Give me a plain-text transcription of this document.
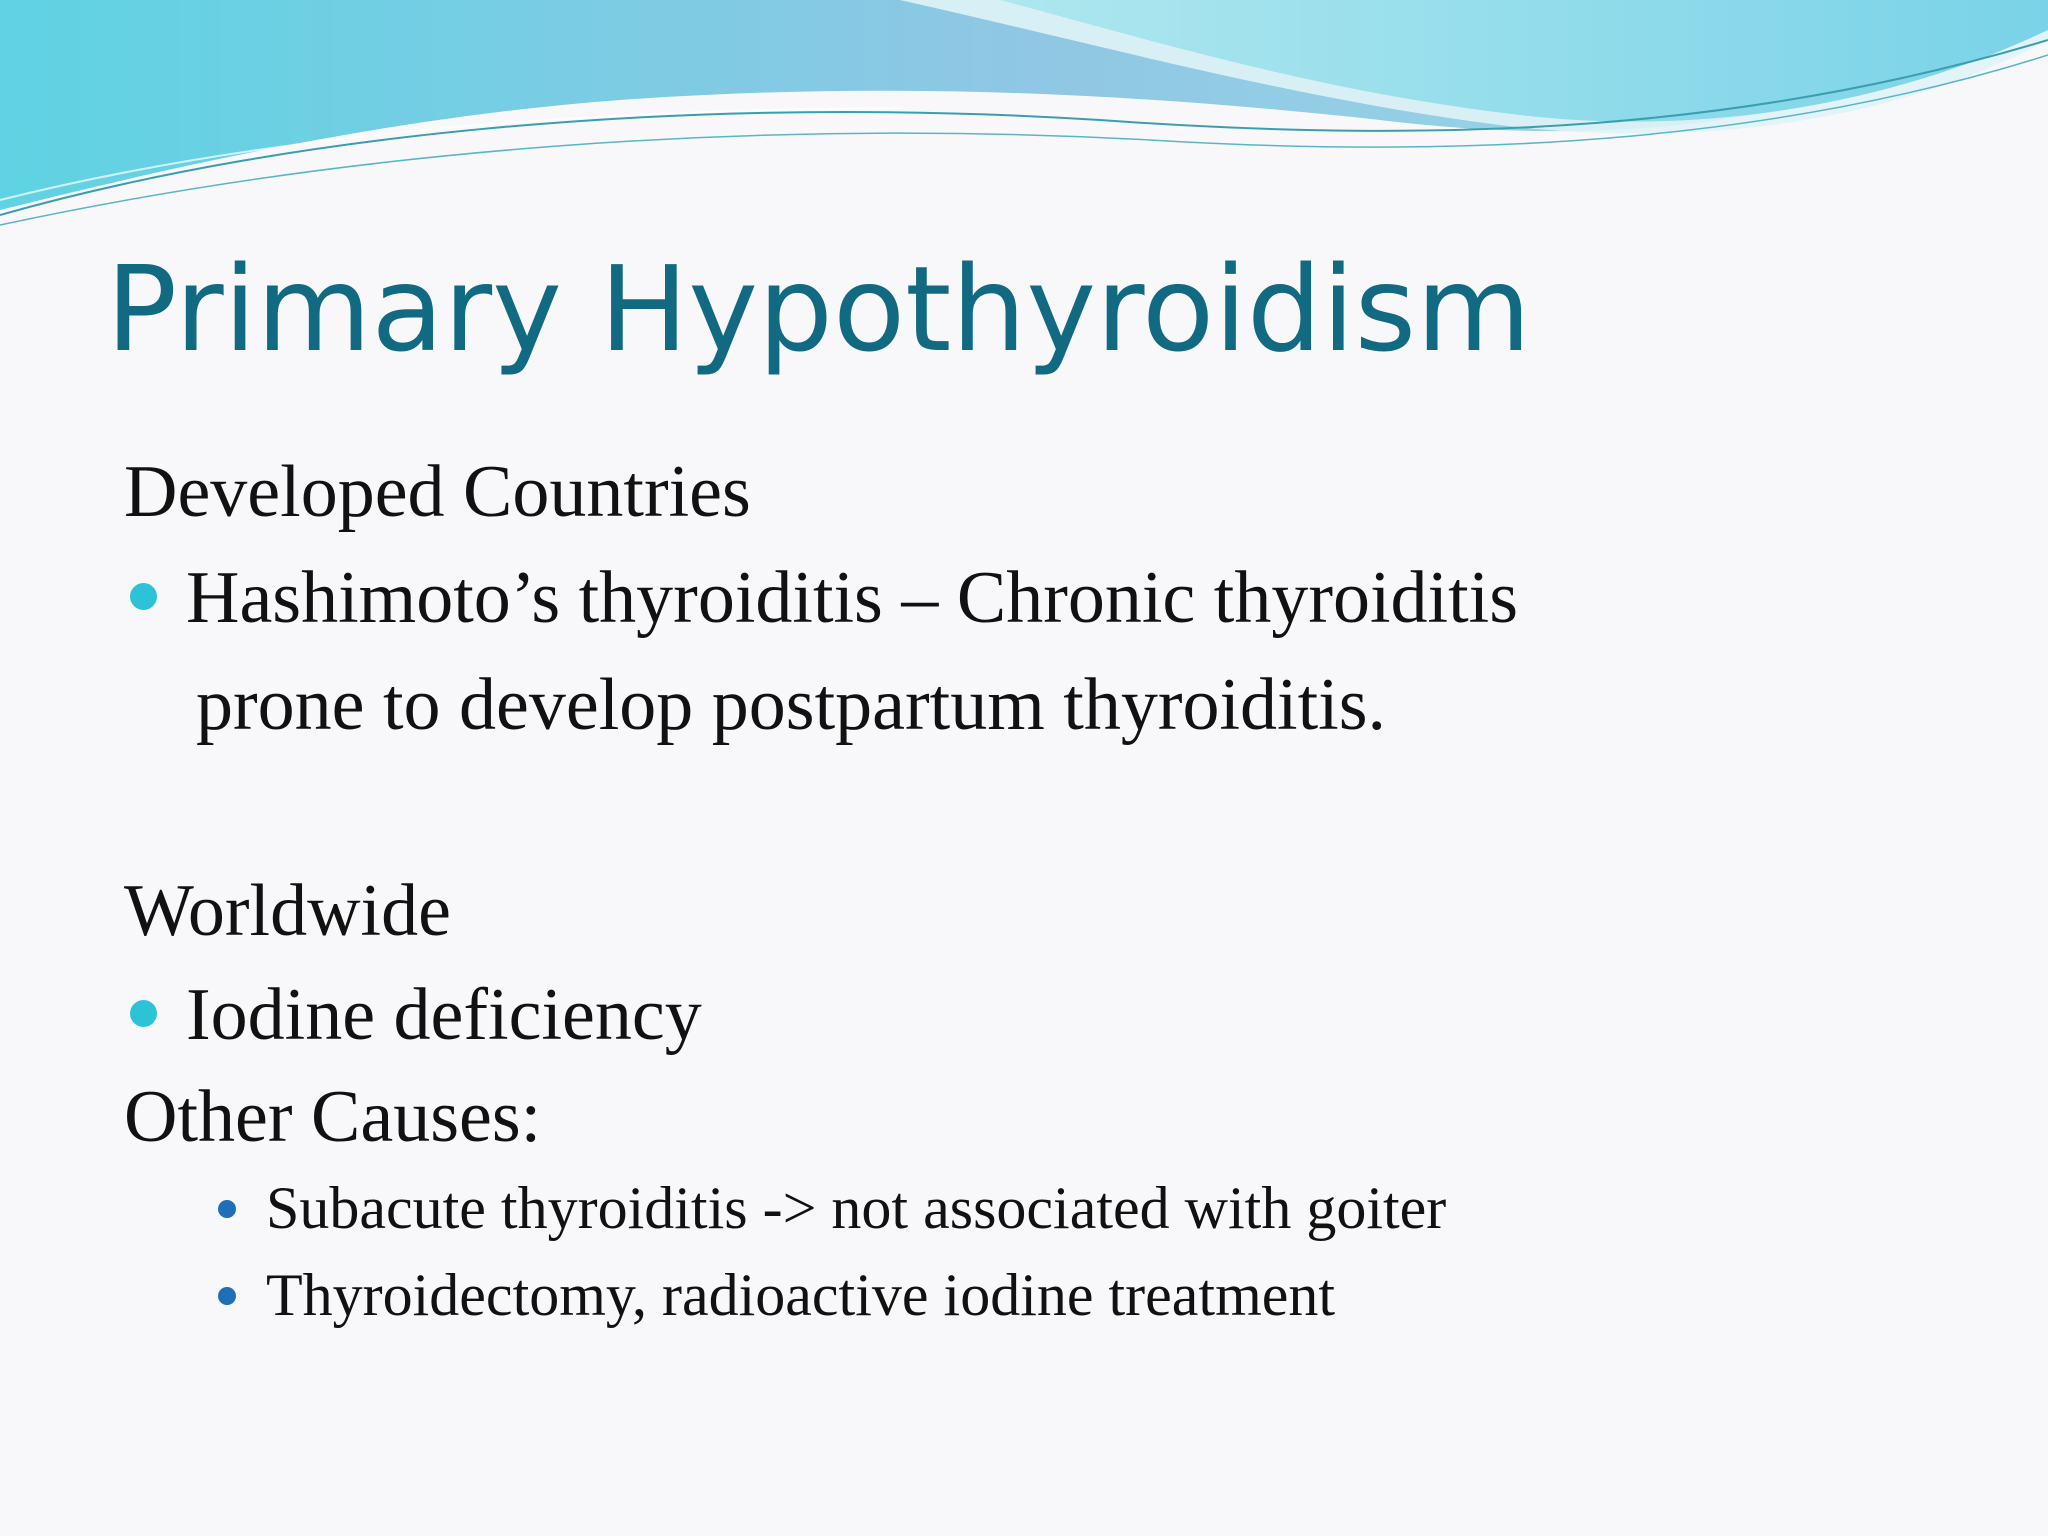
Primary Hypothyroidism
Developed Countries
Hashimoto’s thyroiditis – Chronic thyroiditis
prone to develop postpartum thyroiditis.
Worldwide
Iodine deficiency
Other Causes:
Subacute thyroiditis -> not associated with goiter
Thyroidectomy, radioactive iodine treatment
